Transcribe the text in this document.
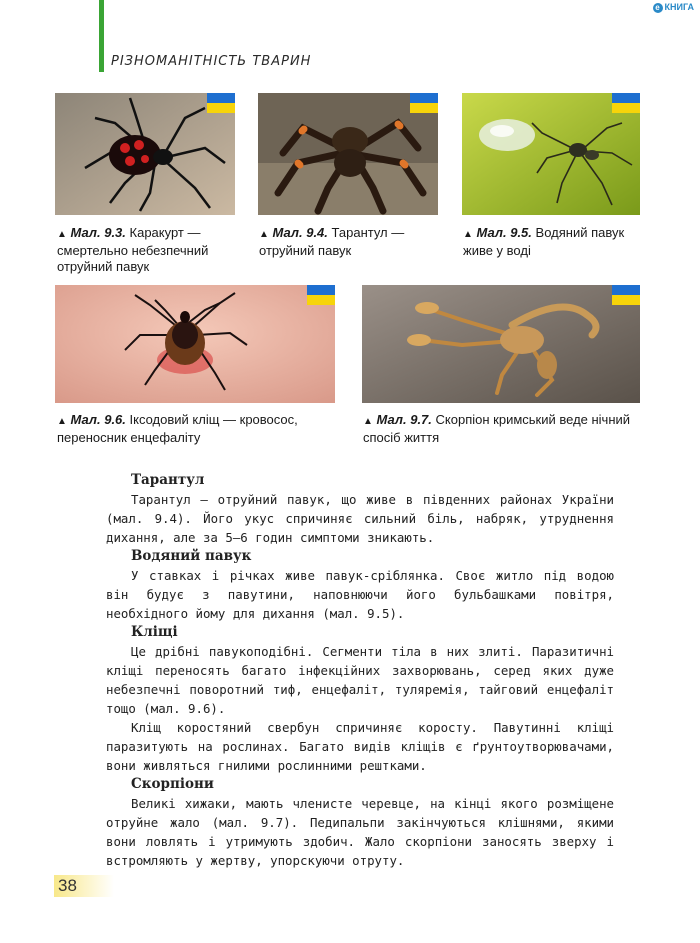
РІЗНОМАНІТНІСТЬ ТВАРИН
e КНИГА
▲ Мал. 9.3. Каракурт — смертельно небезпечний отруйний павук
▲ Мал. 9.4. Тарантул — отруйний павук
▲ Мал. 9.5. Водяний павук живе у воді
▲ Мал. 9.6. Іксодовий кліщ — кровосос, переносник енцефаліту
▲ Мал. 9.7. Скорпіон кримський веде нічний спосіб життя
Тарантул

Тарантул — отруйний павук, що живе в південних районах України (мал. 9.4). Його укус спричиняє сильний біль, набряк, утруднення дихання, але за 5–6 годин симптоми зникають.

Водяний павук

У ставках і річках живе павук-сріблянка. Своє житло під водою він будує з павутини, наповнюючи його бульбашками повітря, необхідного йому для дихання (мал. 9.5).

Кліщі

Це дрібні павукоподібні. Сегменти тіла в них злиті. Паразитичні кліщі переносять багато інфекційних захворювань, серед яких дуже небезпечні поворотний тиф, енцефаліт, туляремія, тайговий енцефаліт тощо (мал. 9.6).

Кліщ коростяний свербун спричиняє коросту. Павутинні кліщі паразитують на рослинах. Багато видів кліщів є ґрунтоутворювачами, вони живляться гнилими рослинними рештками.

Скорпіони

Великі хижаки, мають членисте черевце, на кінці якого розміщене отруйне жало (мал. 9.7). Педипальпи закінчуються клішнями, якими вони ловлять і утримують здобич. Жало скорпіони заносять зверху і встромляють у жертву, упорскуючи отруту.

38
